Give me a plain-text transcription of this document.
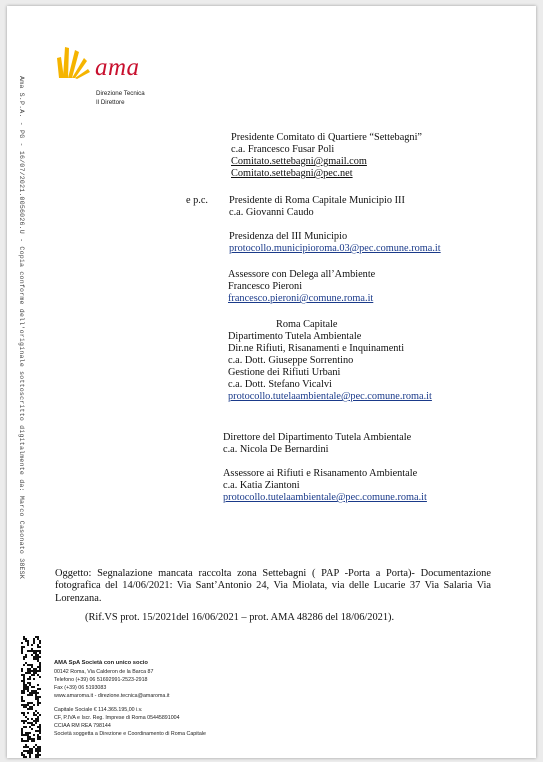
ama
Direzione Tecnica
Il Direttore
Ama S.P.A. - PG - 16/07/2021.0056026.U - Copia conforme dell'originale sottoscritto digitalmente da: Marco Casonato 38ESK	Presidente Comitato di Quartiere “Settebagni”
c.a. Francesco Fusar Poli
Comitato.settebagni@gmail.com
Comitato.settebagni@pec.net
e p.c. Presidente di Roma Capitale Municipio III
c.a. Giovanni Caudo
Presidenza del III Municipio
protocollo.municipioroma.03@pec.comune.roma.it
Assessore con Delega all’Ambiente
Francesco Pieroni
francesco.pieroni@comune.roma.it
Roma Capitale
Dipartimento Tutela Ambientale
Dir.ne Rifiuti, Risanamenti e Inquinamenti
c.a. Dott. Giuseppe Sorrentino
Gestione dei Rifiuti Urbani
c.a. Dott. Stefano Vicalvi
protocollo.tutelaambientale@pec.comune.roma.it
Direttore del Dipartimento Tutela Ambientale
c.a. Nicola De Bernardini
Assessore ai Rifiuti e Risanamento Ambientale
c.a. Katia Ziantoni
protocollo.tutelaambientale@pec.comune.roma.it
Oggetto: Segnalazione mancata raccolta zona Settebagni ( PAP -Porta a Porta)- Documentazione fotografica del 14/06/2021: Via Sant’Antonio 24, Via Miolata, via delle Lucarie 37 Via Salaria Via Lorenzana.
(Rif.VS prot. 15/2021del 16/06/2021 – prot. AMA 48286 del 18/06/2021).
AMA SpA Società con unico socio
00142 Roma, Via Calderon de la Barca 87
Telefono (+39) 06 51692991-2523-2918
Fax (+39) 06 5193083
www.amaroma.it - direzione.tecnica@amaroma.it
Capitale Sociale € 114.365.195,00 i.v.
CF, P.IVA e Iscr. Reg. Imprese di Roma 05445891004
CCIAA RM REA 798144
Società soggetta a Direzione e Coordinamento di Roma Capitale
